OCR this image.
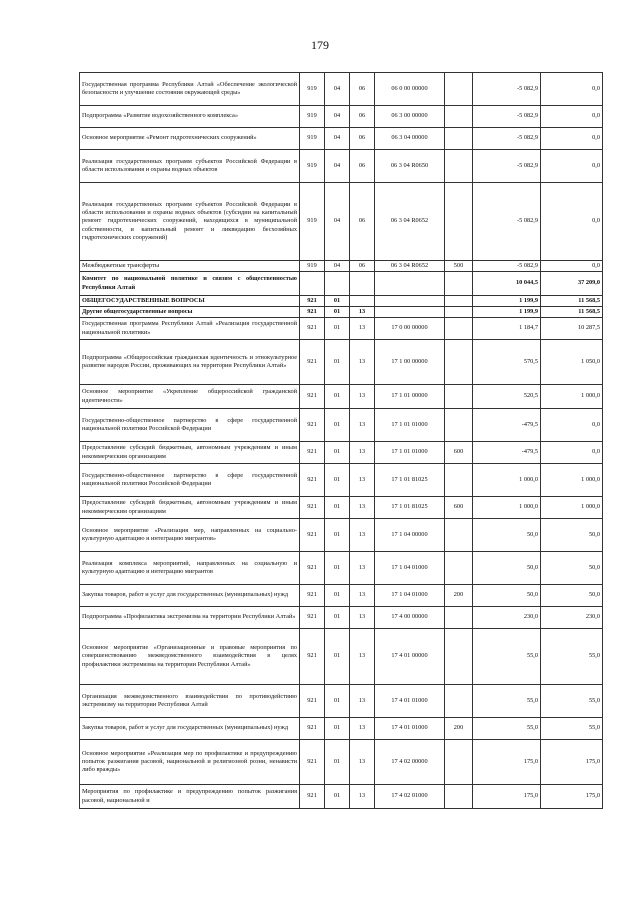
179
Государственная программа Республики Алтай «Обеспечение экологической безопасности и улучшение состояния окружающей среды»	919	04	06	06 0 00 00000		-5 082,9	0,0
Подпрограмма «Развитие водохозяйственного комплекса»	919	04	06	06 3 00 00000		-5 082,9	0,0
Основное мероприятие «Ремонт гидротехнических сооружений»	919	04	06	06 3 04 00000		-5 082,9	0,0
Реализация государственных программ субъектов Российской Федерации в области использования и охраны водных объектов	919	04	06	06 3 04 R0650		-5 082,9	0,0
Реализация государственных программ субъектов Российской Федерации в области использования и охраны водных объектов (субсидии на капитальный ремонт гидротехнических сооружений, находящихся в муниципальной собственности, и капитальный ремонт и ликвидацию бесхозяйных гидротехнических сооружений)	919	04	06	06 3 04 R0652		-5 082,9	0,0
Межбюджетные трансферты	919	04	06	06 3 04 R0652	500	-5 082,9	0,0
Комитет по национальной политике и связям с общественностью Республики Алтай						10 044,5	37 209,0
ОБЩЕГОСУДАРСТВЕННЫЕ ВОПРОСЫ	921	01				1 199,9	11 568,5
Другие общегосударственные вопросы	921	01	13			1 199,9	11 568,5
Государственная программа Республики Алтай «Реализация государственной национальной политики»	921	01	13	17 0 00 00000		1 184,7	10 287,5
Подпрограмма «Общероссийская гражданская идентичность и этнокультурное развитие народов России, проживающих на территории Республики Алтай»	921	01	13	17 1 00 00000		570,5	1 050,0
Основное мероприятие «Укрепление общероссийской гражданской идентичности»	921	01	13	17 1 01 00000		520,5	1 000,0
Государственно-общественное партнерство в сфере государственной национальной политики Российской Федерации	921	01	13	17 1 01 01000		-479,5	0,0
Предоставление субсидий бюджетным, автономным учреждениям и иным некоммерческим организациям	921	01	13	17 1 01 01000	600	-479,5	0,0
Государственно-общественное партнерство в сфере государственной национальной политики Российской Федерации	921	01	13	17 1 01 81025		1 000,0	1 000,0
Предоставление субсидий бюджетным, автономным учреждениям и иным некоммерческим организациям	921	01	13	17 1 01 81025	600	1 000,0	1 000,0
Основное мероприятие «Реализация мер, направленных на социально-культурную адаптацию и интеграцию мигрантов»	921	01	13	17 1 04 00000		50,0	50,0
Реализация комплекса мероприятий, направленных на социальную и культурную адаптацию и интеграцию мигрантов	921	01	13	17 1 04 01000		50,0	50,0
Закупка товаров, работ и услуг для государственных (муниципальных) нужд	921	01	13	17 1 04 01000	200	50,0	50,0
Подпрограмма «Профилактика экстремизма на территории Республики Алтай»	921	01	13	17 4 00 00000		230,0	230,0
Основное мероприятие «Организационные и правовые мероприятия по совершенствованию межведомственного взаимодействия в целях профилактики экстремизма на территории Республики Алтай»	921	01	13	17 4 01 00000		55,0	55,0
Организация межведомственного взаимодействия по противодействию экстремизму на территории Республики Алтай	921	01	13	17 4 01 01000		55,0	55,0
Закупка товаров, работ и услуг для государственных (муниципальных) нужд	921	01	13	17 4 01 01000	200	55,0	55,0
Основное мероприятие «Реализация мер по профилактике и предупреждению попыток разжигания расовой, национальной и религиозной розни, ненависти либо вражды»	921	01	13	17 4 02 00000		175,0	175,0
Мероприятия по профилактике и предупреждению попыток разжигания расовой, национальной и	921	01	13	17 4 02 01000		175,0	175,0
